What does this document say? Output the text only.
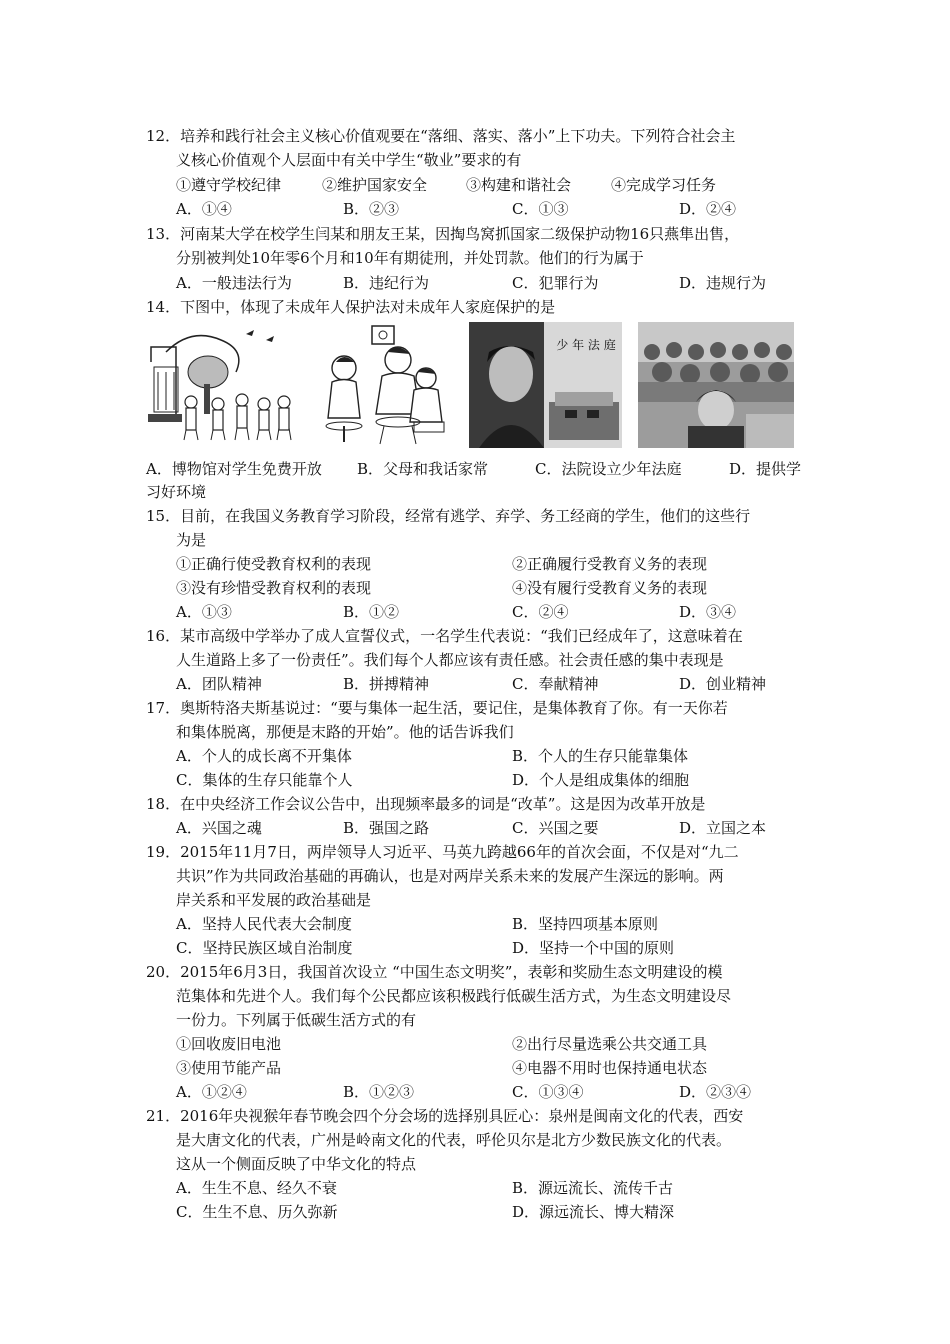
12．培养和践行社会主义核心价值观要在“落细、落实、落小”上下功夫。下列符合社会主
义核心价值观个人层面中有关中学生“敬业”要求的有
①遵守学校纪律	②维护国家安全	③构建和谐社会	④完成学习任务
A．①④	B．②③	C．①③	D．②④
13．河南某大学在校学生闫某和朋友王某，因掏鸟窝抓国家二级保护动物16只燕隼出售，
分别被判处10年零6个月和10年有期徒刑，并处罚款。他们的行为属于
A．一般违法行为	B．违纪行为	C．犯罪行为	D．违规行为
14．下图中，体现了未成年人保护法对未成年人家庭保护的是
少 年 法 庭
A．博物馆对学生免费开放 B．父母和我话家常	C．法院设立少年法庭	D．提供学
习好环境
15．目前，在我国义务教育学习阶段，经常有逃学、弃学、务工经商的学生，他们的这些行
为是
①正确行使受教育权利的表现	②正确履行受教育义务的表现
③没有珍惜受教育权利的表现	④没有履行受教育义务的表现
A．①③	B．①②	C．②④	D．③④
16．某市高级中学举办了成人宣誓仪式，一名学生代表说：“我们已经成年了，这意味着在
人生道路上多了一份责任”。我们每个人都应该有责任感。社会责任感的集中表现是
A．团队精神	B．拼搏精神	C．奉献精神	D．创业精神
17．奥斯特洛夫斯基说过：“要与集体一起生活，要记住，是集体教育了你。有一天你若
和集体脱离，那便是末路的开始”。他的话告诉我们
A．个人的成长离不开集体	B．个人的生存只能靠集体
C．集体的生存只能靠个人	D．个人是组成集体的细胞
18．在中央经济工作会议公告中，出现频率最多的词是“改革”。这是因为改革开放是
A．兴国之魂	B．强国之路	C．兴国之要	D．立国之本
19．2015年11月7日，两岸领导人习近平、马英九跨越66年的首次会面，不仅是对“九二
共识”作为共同政治基础的再确认，也是对两岸关系未来的发展产生深远的影响。两
岸关系和平发展的政治基础是
A．坚持人民代表大会制度	B．坚持四项基本原则
C．坚持民族区域自治制度	D．坚持一个中国的原则
20．2015年6月3日，我国首次设立 “中国生态文明奖”，表彰和奖励生态文明建设的模
范集体和先进个人。我们每个公民都应该积极践行低碳生活方式，为生态文明建设尽
一份力。下列属于低碳生活方式的有
①回收废旧电池	②出行尽量选乘公共交通工具
③使用节能产品	④电器不用时也保持通电状态
A．①②④	B．①②③	C．①③④	D．②③④
21．2016年央视猴年春节晚会四个分会场的选择别具匠心：泉州是闽南文化的代表，西安
是大唐文化的代表，广州是岭南文化的代表，呼伦贝尔是北方少数民族文化的代表。
这从一个侧面反映了中华文化的特点
A．生生不息、经久不衰	B．源远流长、流传千古
C．生生不息、历久弥新	D．源远流长、博大精深
